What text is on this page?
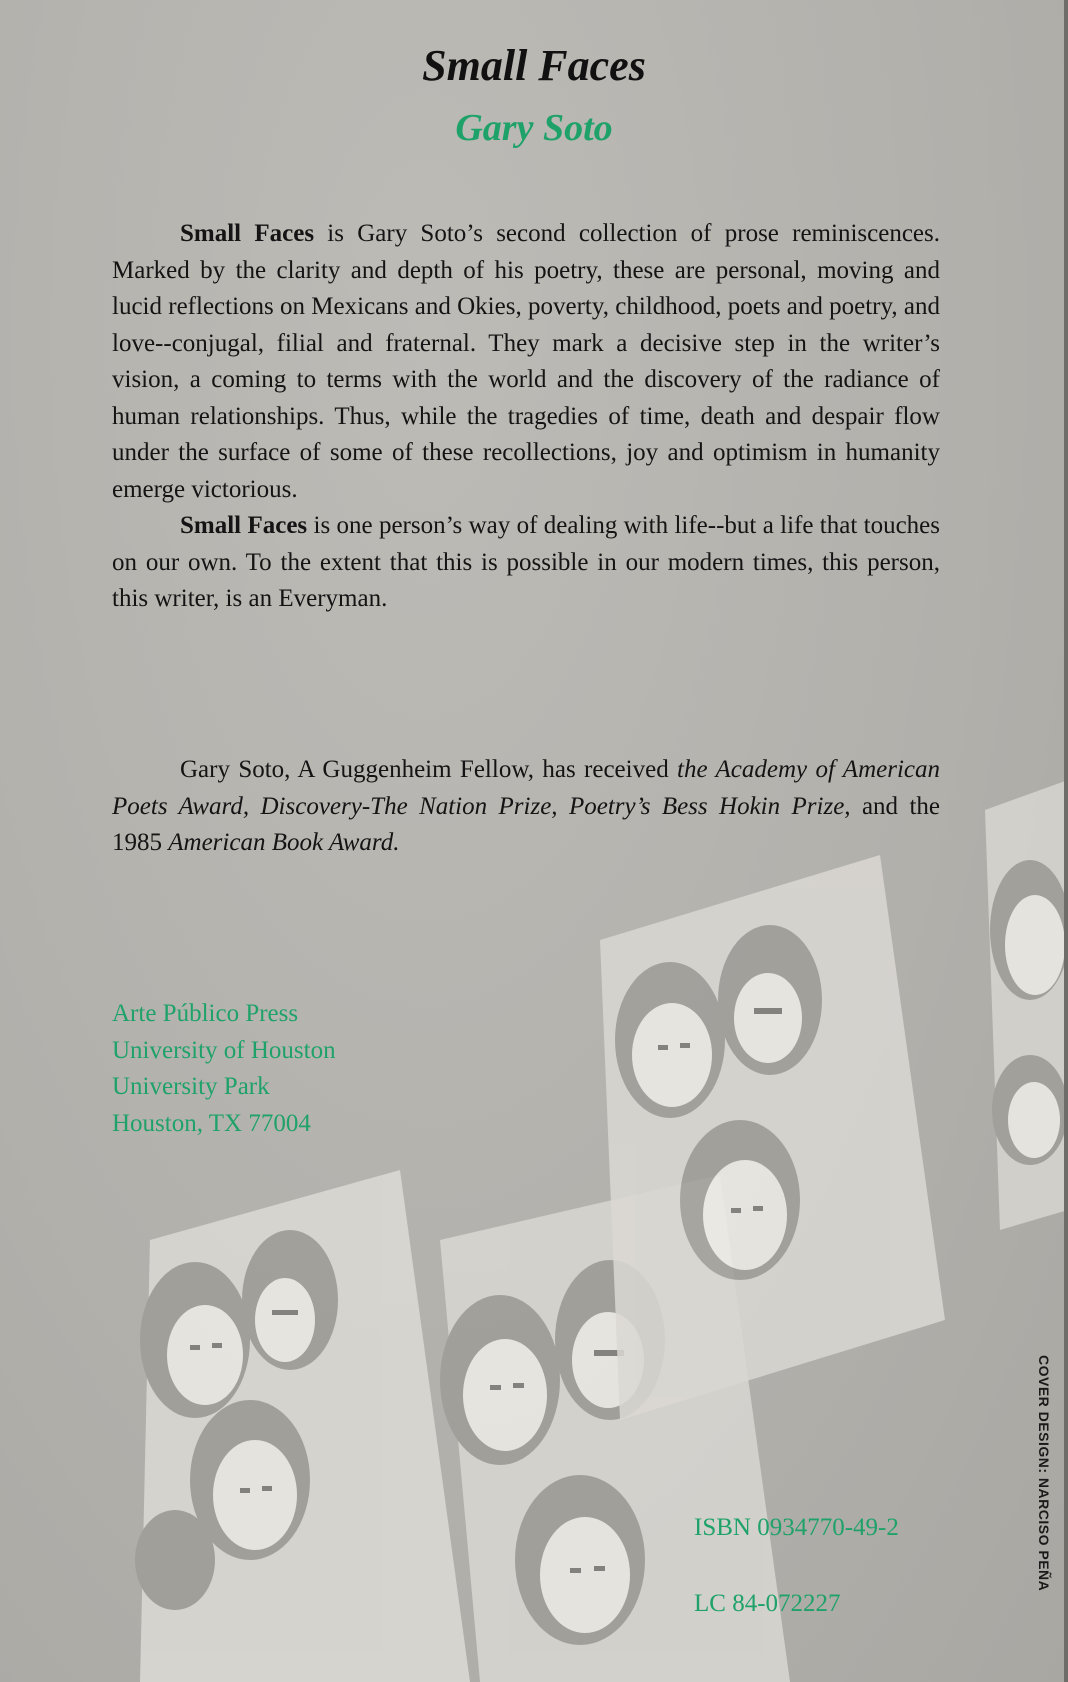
Small Faces
Gary Soto

Small Faces is Gary Soto’s second collection of prose reminiscences. Marked by the clarity and depth of his poetry, these are personal, moving and lucid reflections on Mexicans and Okies, poverty, childhood, poets and poetry, and love--conjugal, filial and fraternal. They mark a decisive step in the writer’s vision, a coming to terms with the world and the discovery of the radiance of human relationships. Thus, while the tragedies of time, death and despair flow under the surface of some of these recollections, joy and optimism in humanity emerge victorious.

Small Faces is one person’s way of dealing with life--but a life that touches on our own. To the extent that this is possible in our modern times, this person, this writer, is an Everyman.

Gary Soto, A Guggenheim Fellow, has received the Academy of American Poets Award, Discovery-The Nation Prize, Poetry’s Bess Hokin Prize, and the 1985 American Book Award.

Arte Público Press
University of Houston
University Park
Houston, TX 77004
ISBN 0934770-49-2
LC 84-072227
COVER DESIGN: NARCISO PEÑA
